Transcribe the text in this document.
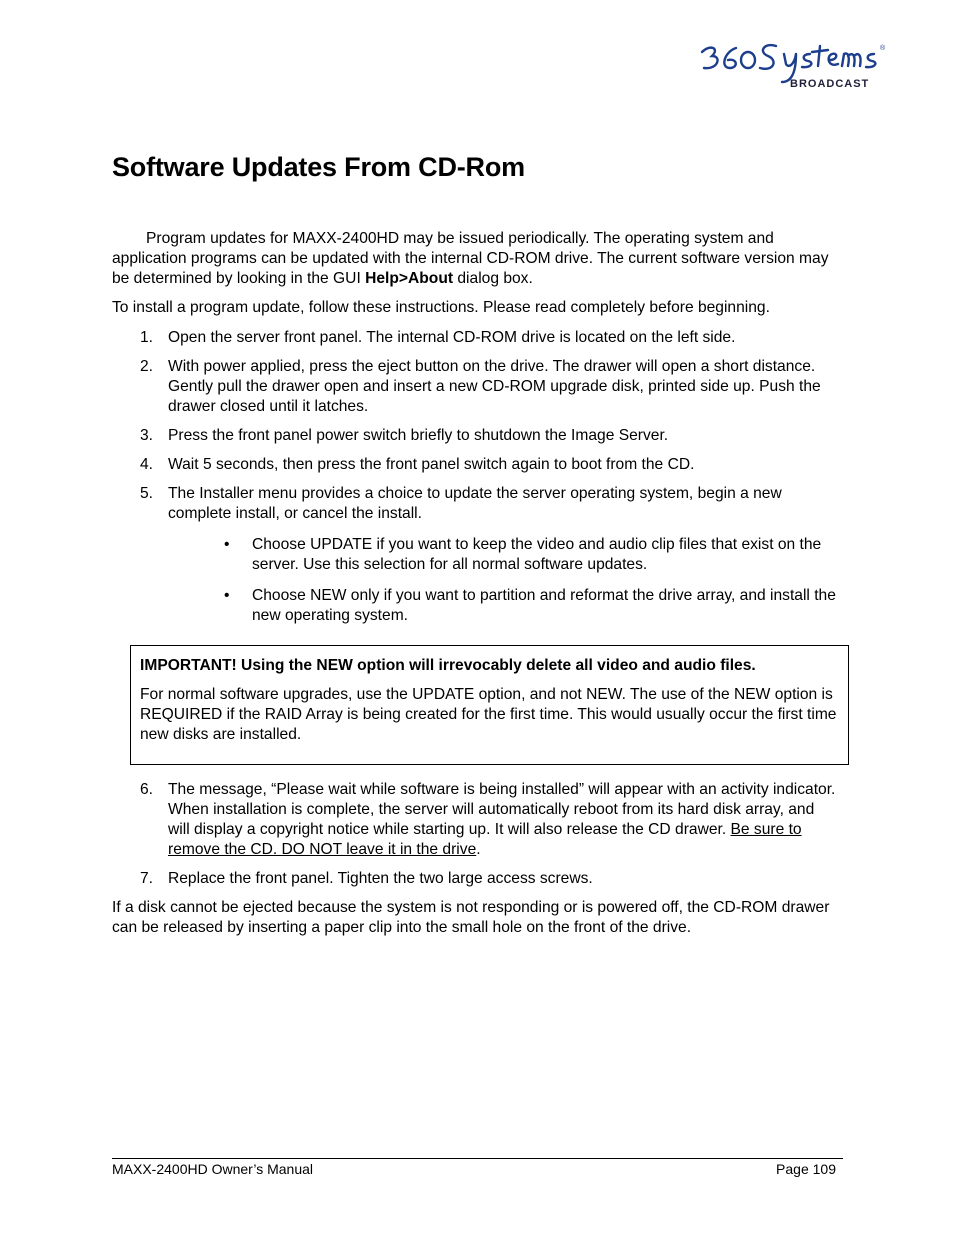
®
BROADCAST
Software Updates From CD-Rom

Program updates for MAXX-2400HD may be issued periodically. The operating system and application programs can be updated with the internal CD-ROM drive. The current software version may be determined by looking in the GUI Help>About dialog box.

To install a program update, follow these instructions. Please read completely before beginning.

1. Open the server front panel. The internal CD-ROM drive is located on the left side.
2. With power applied, press the eject button on the drive. The drawer will open a short distance. Gently pull the drawer open and insert a new CD-ROM upgrade disk, printed side up. Push the drawer closed until it latches.
3. Press the front panel power switch briefly to shutdown the Image Server.
4. Wait 5 seconds, then press the front panel switch again to boot from the CD.
5. The Installer menu provides a choice to update the server operating system, begin a new complete install, or cancel the install.
• Choose UPDATE if you want to keep the video and audio clip files that exist on the server. Use this selection for all normal software updates.
• Choose NEW only if you want to partition and reformat the drive array, and install the new operating system.

IMPORTANT! Using the NEW option will irrevocably delete all video and audio files.

For normal software upgrades, use the UPDATE option, and not NEW. The use of the NEW option is REQUIRED if the RAID Array is being created for the first time. This would usually occur the first time new disks are installed.

6. The message, “Please wait while software is being installed” will appear with an activity indicator. When installation is complete, the server will automatically reboot from its hard disk array, and will display a copyright notice while starting up. It will also release the CD drawer. Be sure to remove the CD. DO NOT leave it in the drive.
7. Replace the front panel. Tighten the two large access screws.

If a disk cannot be ejected because the system is not responding or is powered off, the CD-ROM drawer can be released by inserting a paper clip into the small hole on the front of the drive.

MAXX-2400HD Owner’s Manual	Page 109
